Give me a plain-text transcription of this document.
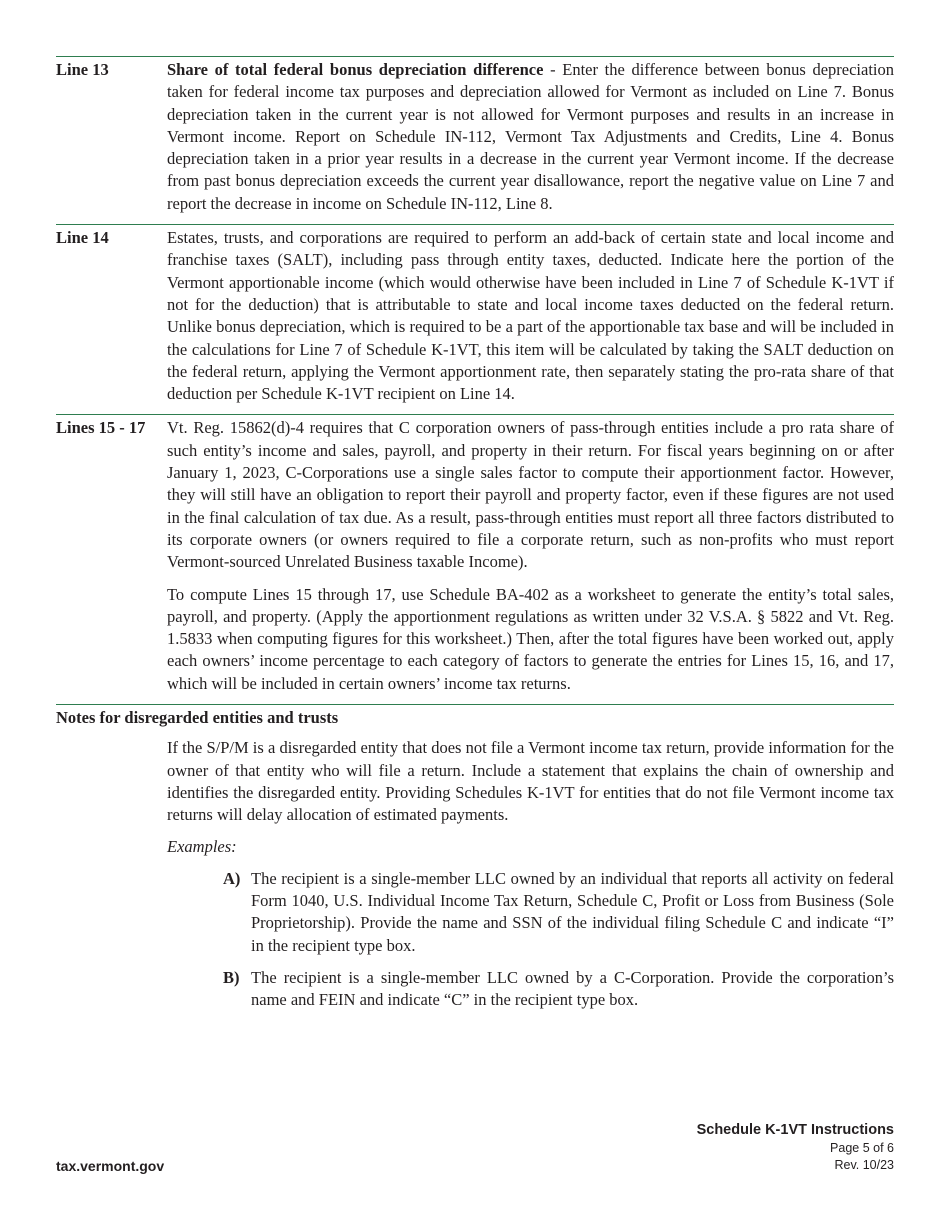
Line 13	Share of total federal bonus depreciation difference - Enter the difference between bonus depreciation taken for federal income tax purposes and depreciation allowed for Vermont as included on Line 7. Bonus depreciation taken in the current year is not allowed for Vermont purposes and results in an increase in Vermont income. Report on Schedule IN-112, Vermont Tax Adjustments and Credits, Line 4. Bonus depreciation taken in a prior year results in a decrease in the current year Vermont income. If the decrease from past bonus depreciation exceeds the current year disallowance, report the negative value on Line 7 and report the decrease in income on Schedule IN-112, Line 8.

Line 14	Estates, trusts, and corporations are required to perform an add-back of certain state and local income and franchise taxes (SALT), including pass through entity taxes, deducted. Indicate here the portion of the Vermont apportionable income (which would otherwise have been included in Line 7 of Schedule K-1VT if not for the deduction) that is attributable to state and local income taxes deducted on the federal return. Unlike bonus depreciation, which is required to be a part of the apportionable tax base and will be included in the calculations for Line 7 of Schedule K-1VT, this item will be calculated by taking the SALT deduction on the federal return, applying the Vermont apportionment rate, then separately stating the pro-rata share of that deduction per Schedule K-1VT recipient on Line 14.

Lines 15 - 17	Vt. Reg. 15862(d)-4 requires that C corporation owners of pass-through entities include a pro rata share of such entity’s income and sales, payroll, and property in their return. For fiscal years beginning on or after January 1, 2023, C-Corporations use a single sales factor to compute their apportionment factor. However, they will still have an obligation to report their payroll and property factor, even if these figures are not used in the final calculation of tax due. As a result, pass-through entities must report all three factors distributed to its corporate owners (or owners required to file a corporate return, such as non-profits who must report Vermont-sourced Unrelated Business taxable Income).

To compute Lines 15 through 17, use Schedule BA-402 as a worksheet to generate the entity’s total sales, payroll, and property. (Apply the apportionment regulations as written under 32 V.S.A. § 5822 and Vt. Reg. 1.5833 when computing figures for this worksheet.) Then, after the total figures have been worked out, apply each owners’ income percentage to each category of factors to generate the entries for Lines 15, 16, and 17, which will be included in certain owners’ income tax returns.

Notes for disregarded entities and trusts

If the S/P/M is a disregarded entity that does not file a Vermont income tax return, provide information for the owner of that entity who will file a return. Include a statement that explains the chain of ownership and identifies the disregarded entity. Providing Schedules K-1VT for entities that do not file Vermont income tax returns will delay allocation of estimated payments.

Examples:

A) The recipient is a single-member LLC owned by an individual that reports all activity on federal Form 1040, U.S. Individual Income Tax Return, Schedule C, Profit or Loss from Business (Sole Proprietorship). Provide the name and SSN of the individual filing Schedule C and indicate “I” in the recipient type box.
B) The recipient is a single-member LLC owned by a C-Corporation. Provide the corporation’s name and FEIN and indicate “C” in the recipient type box.
tax.vermont.gov
Schedule K-1VT Instructions
Page 5 of 6
Rev. 10/23
